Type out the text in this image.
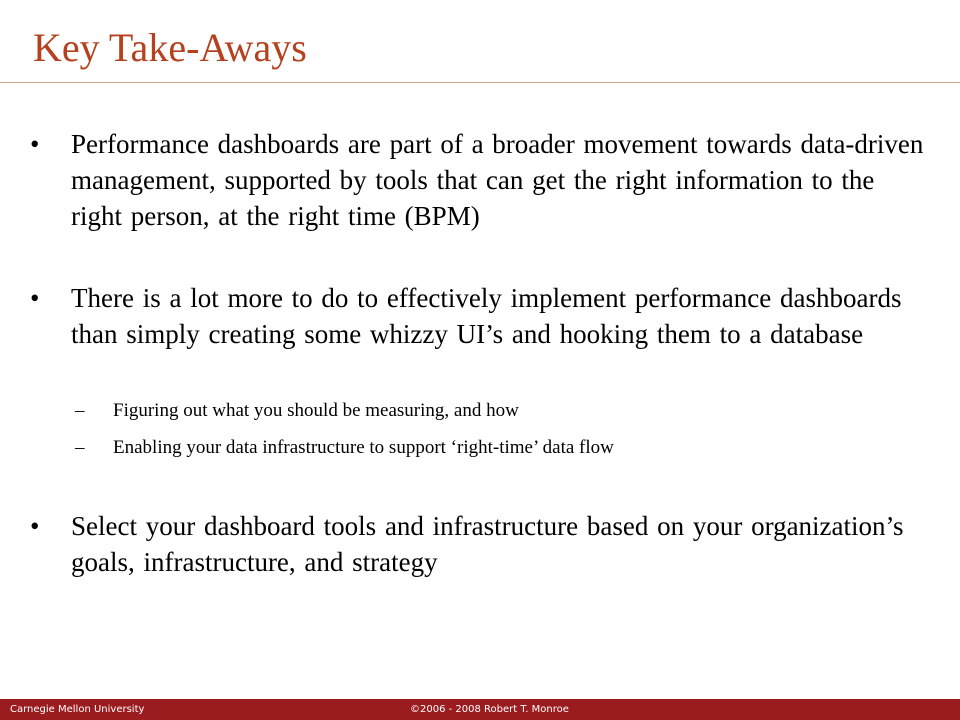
Key Take-Aways
•	Performance dashboards are part of a broader movement towards data-driven management, supported by tools that can get the right information to the right person, at the right time (BPM)
•	There is a lot more to do to effectively implement performance dashboards than simply creating some whizzy UI’s and hooking them to a database
– Figuring out what you should be measuring, and how
– Enabling your data infrastructure to support ‘right-time’ data flow
•	Select your dashboard tools and infrastructure based on your organization’s goals, infrastructure, and strategy
Carnegie Mellon University	©2006 - 2008 Robert T. Monroe
